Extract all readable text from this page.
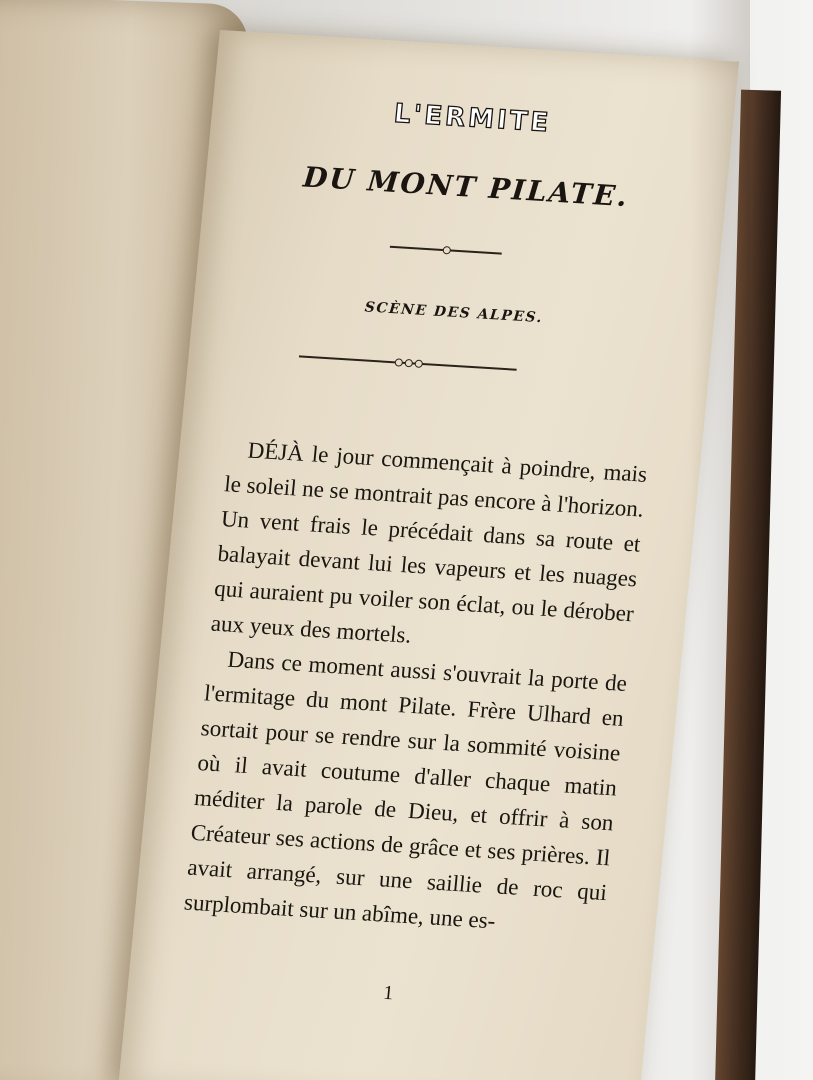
L'ERMITE
DU MONT PILATE.
SCÈNE DES ALPES.

DÉJÀ le jour commençait à poindre, mais le soleil ne se montrait pas encore à l'horizon. Un vent frais le précédait dans sa route et balayait devant lui les vapeurs et les nuages qui auraient pu voiler son éclat, ou le dérober aux yeux des mortels.

Dans ce moment aussi s'ouvrait la porte de l'ermitage du mont Pilate. Frère Ulhard en sortait pour se rendre sur la sommité voisine où il avait coutume d'aller chaque matin méditer la parole de Dieu, et offrir à son Créateur ses actions de grâce et ses prières. Il avait arrangé, sur une saillie de roc qui surplombait sur un abîme, une es-

1
